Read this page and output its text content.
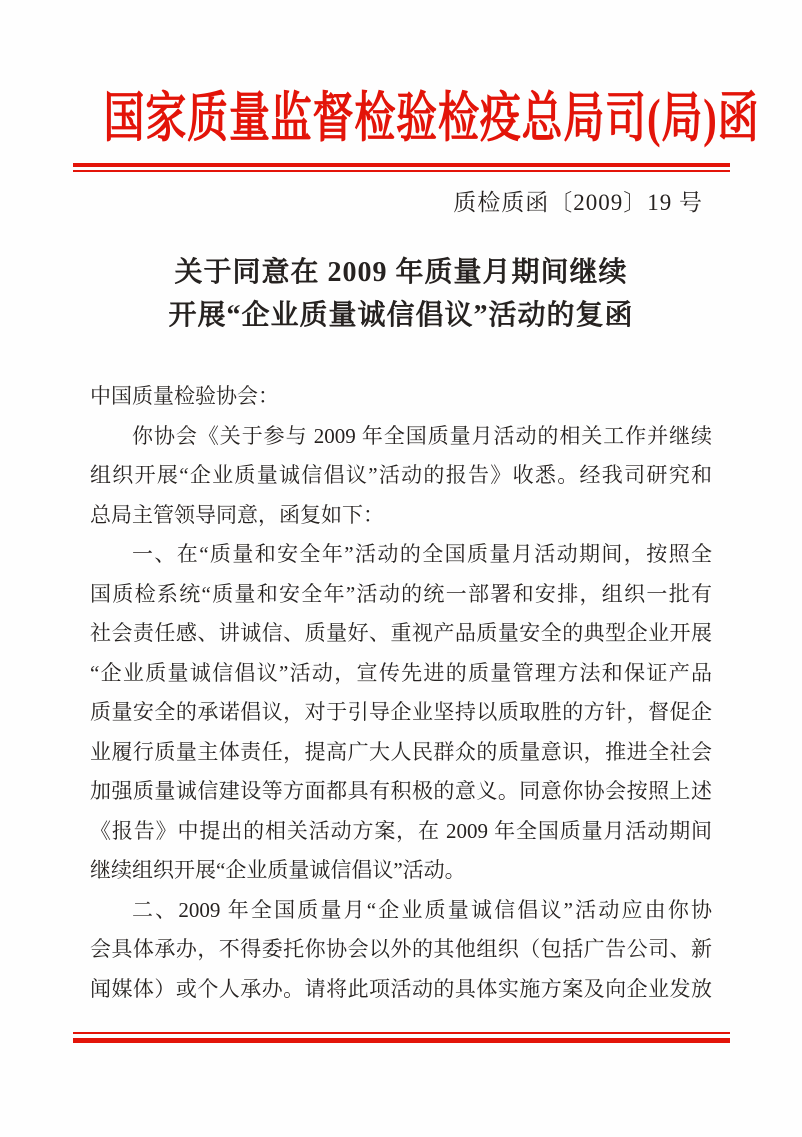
国家质量监督检验检疫总局司(局)函
质检质函〔2009〕19 号
关于同意在 2009 年质量月期间继续
开展“企业质量诚信倡议”活动的复函
中国质量检验协会：
你协会《关于参与 2009 年全国质量月活动的相关工作并继续
组织开展“企业质量诚信倡议”活动的报告》收悉。经我司研究和
总局主管领导同意，函复如下：
一、在“质量和安全年”活动的全国质量月活动期间，按照全
国质检系统“质量和安全年”活动的统一部署和安排，组织一批有
社会责任感、讲诚信、质量好、重视产品质量安全的典型企业开展
“企业质量诚信倡议”活动，宣传先进的质量管理方法和保证产品
质量安全的承诺倡议，对于引导企业坚持以质取胜的方针，督促企
业履行质量主体责任，提高广大人民群众的质量意识，推进全社会
加强质量诚信建设等方面都具有积极的意义。同意你协会按照上述
《报告》中提出的相关活动方案，在 2009 年全国质量月活动期间
继续组织开展“企业质量诚信倡议”活动。
二、2009 年全国质量月“企业质量诚信倡议”活动应由你协
会具体承办，不得委托你协会以外的其他组织（包括广告公司、新
闻媒体）或个人承办。请将此项活动的具体实施方案及向企业发放
